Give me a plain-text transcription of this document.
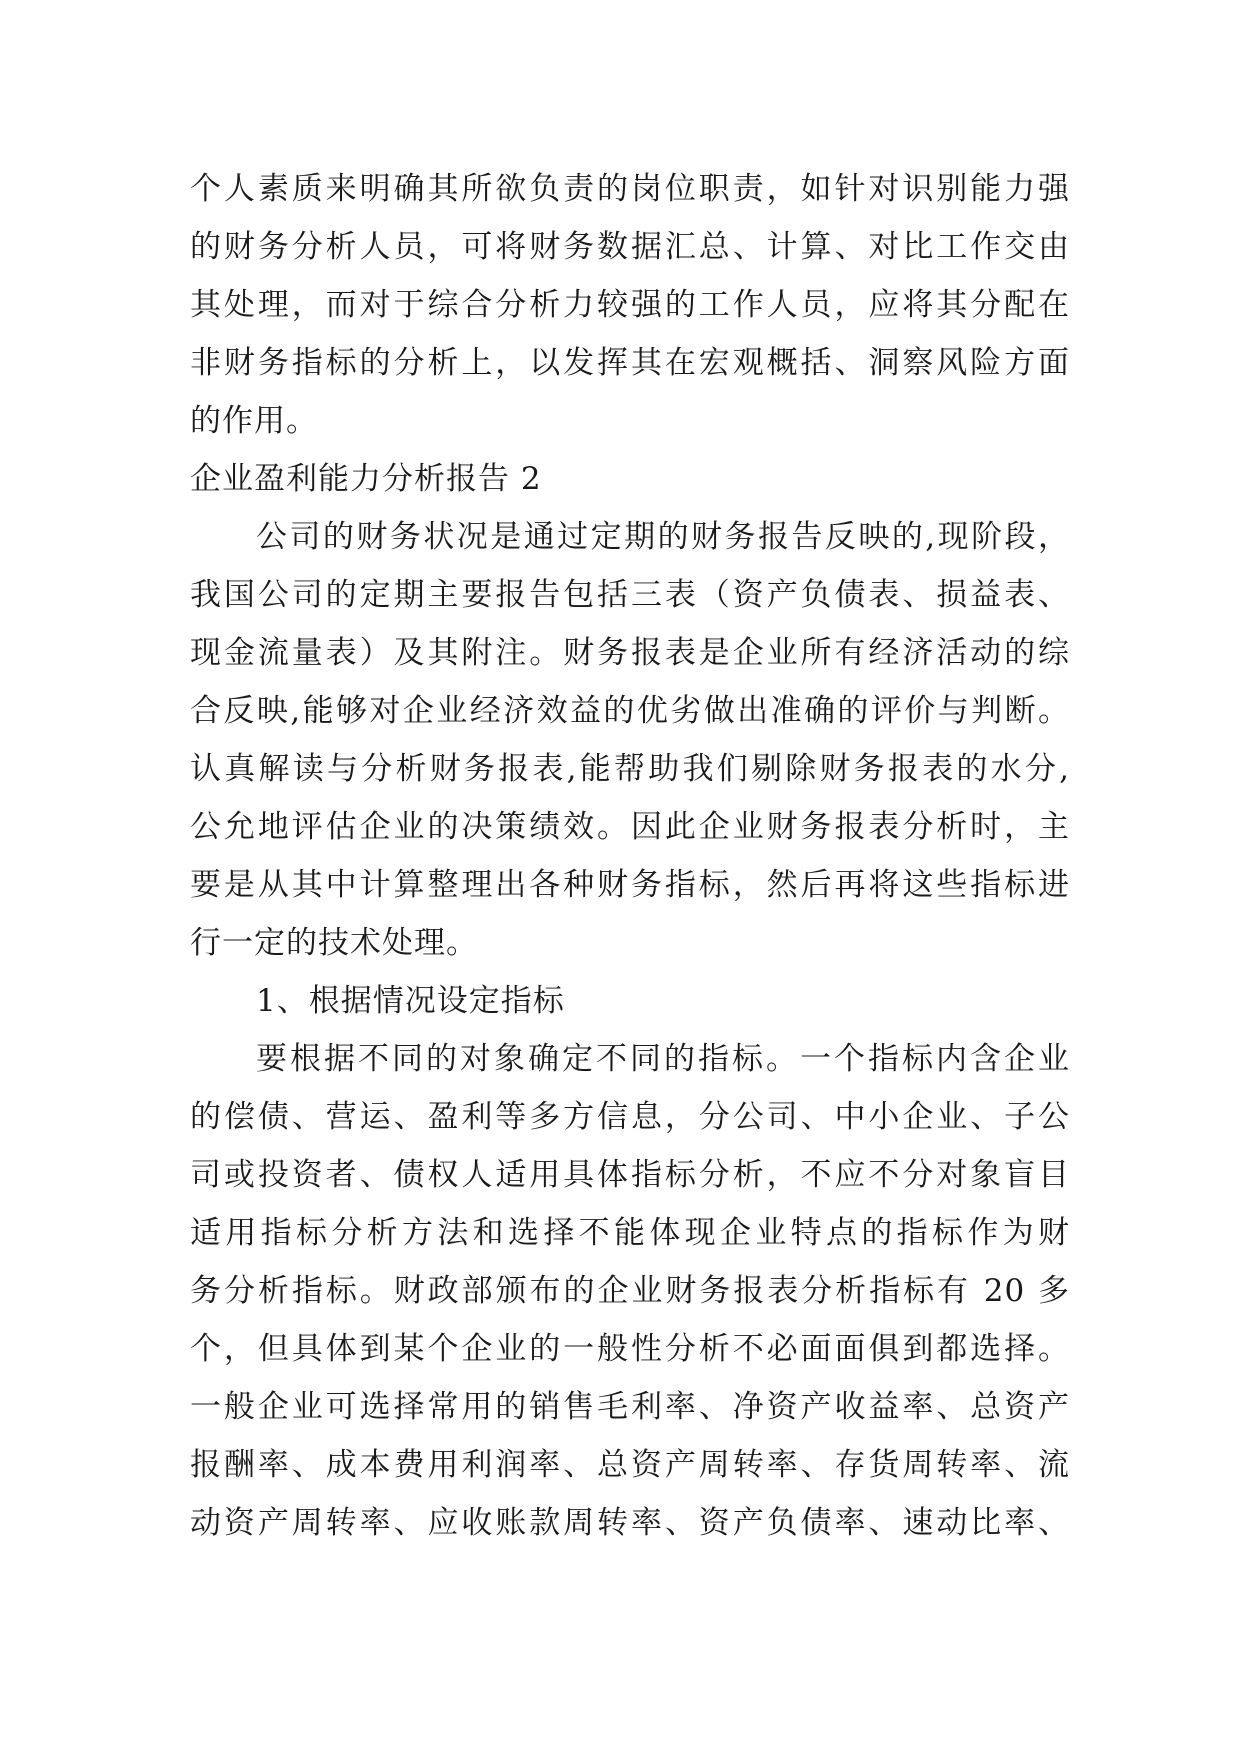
个人素质来明确其所欲负责的岗位职责，如针对识别能力强
的财务分析人员，可将财务数据汇总、计算、对比工作交由
其处理，而对于综合分析力较强的工作人员，应将其分配在
非财务指标的分析上，以发挥其在宏观概括、洞察风险方面
的作用。
企业盈利能力分析报告 2
公司的财务状况是通过定期的财务报告反映的,现阶段，
我国公司的定期主要报告包括三表（资产负债表、损益表、
现金流量表）及其附注。财务报表是企业所有经济活动的综
合反映,能够对企业经济效益的优劣做出准确的评价与判断。
认真解读与分析财务报表,能帮助我们剔除财务报表的水分,
公允地评估企业的决策绩效。因此企业财务报表分析时，主
要是从其中计算整理出各种财务指标，然后再将这些指标进
行一定的技术处理。
1、根据情况设定指标
要根据不同的对象确定不同的指标。一个指标内含企业
的偿债、营运、盈利等多方信息，分公司、中小企业、子公
司或投资者、债权人适用具体指标分析，不应不分对象盲目
适用指标分析方法和选择不能体现企业特点的指标作为财
务分析指标。财政部颁布的企业财务报表分析指标有 20 多
个，但具体到某个企业的一般性分析不必面面俱到都选择。
一般企业可选择常用的销售毛利率、净资产收益率、总资产
报酬率、成本费用利润率、总资产周转率、存货周转率、流
动资产周转率、应收账款周转率、资产负债率、速动比率、
